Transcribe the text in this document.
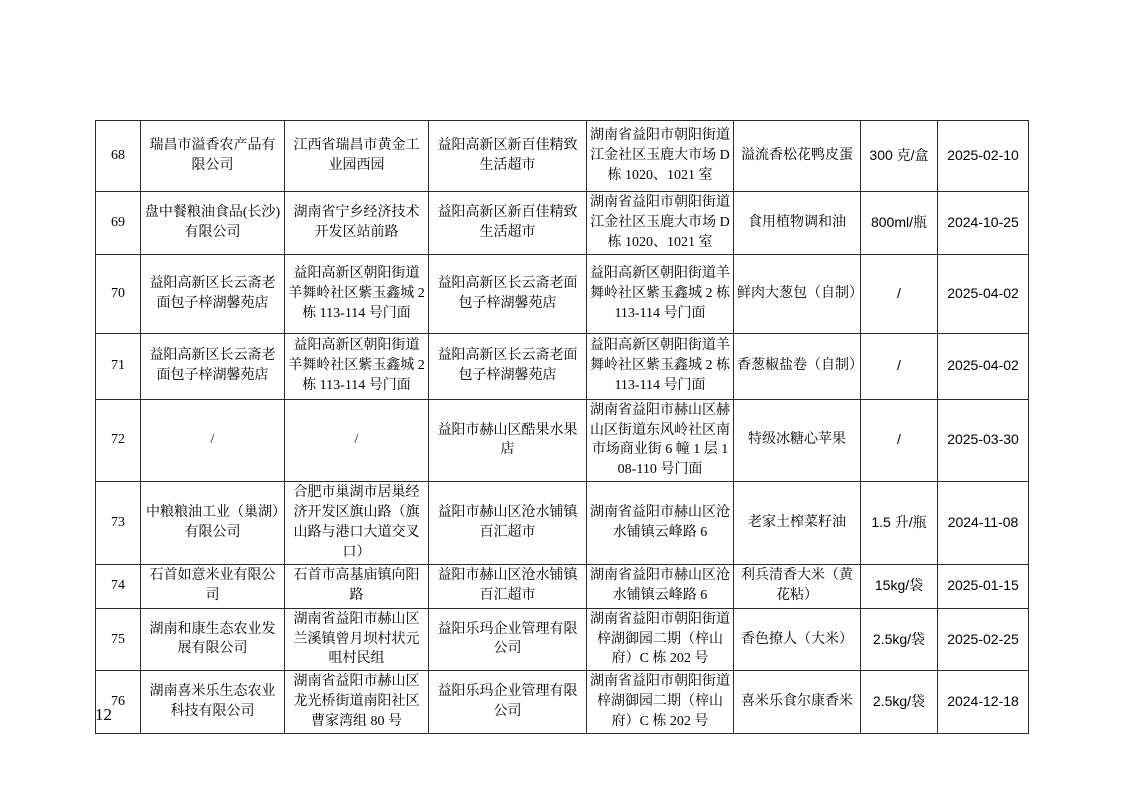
68	瑞昌市溢香农产品有限公司	江西省瑞昌市黄金工业园西园	益阳高新区新百佳精致生活超市	湖南省益阳市朝阳街道江金社区玉鹿大市场 D 栋 1020、1021 室	溢流香松花鸭皮蛋	300 克/盒	2025-02-10
69	盘中餐粮油食品(长沙)有限公司	湖南省宁乡经济技术开发区站前路	益阳高新区新百佳精致生活超市	湖南省益阳市朝阳街道江金社区玉鹿大市场 D 栋 1020、1021 室	食用植物调和油	800ml/瓶	2024-10-25
70	益阳高新区长云斋老面包子梓湖馨苑店	益阳高新区朝阳街道羊舞岭社区紫玉鑫城 2 栋 113-114 号门面	益阳高新区长云斋老面包子梓湖馨苑店	益阳高新区朝阳街道羊舞岭社区紫玉鑫城 2 栋 113-114 号门面	鲜肉大葱包（自制）	/	2025-04-02
71	益阳高新区长云斋老面包子梓湖馨苑店	益阳高新区朝阳街道羊舞岭社区紫玉鑫城 2 栋 113-114 号门面	益阳高新区长云斋老面包子梓湖馨苑店	益阳高新区朝阳街道羊舞岭社区紫玉鑫城 2 栋 113-114 号门面	香葱椒盐卷（自制）	/	2025-04-02
72	/	/	益阳市赫山区酷果水果店	湖南省益阳市赫山区赫山区街道东风岭社区南市场商业街 6 幢 1 层 108-110 号门面	特级冰糖心苹果	/	2025-03-30
73	中粮粮油工业（巢湖）有限公司	合肥市巢湖市居巢经济开发区旗山路（旗山路与港口大道交叉口）	益阳市赫山区沧水铺镇百汇超市	湖南省益阳市赫山区沧水铺镇云峰路 6	老家土榨菜籽油	1.5 升/瓶	2024-11-08
74	石首如意米业有限公司	石首市高基庙镇向阳路	益阳市赫山区沧水铺镇百汇超市	湖南省益阳市赫山区沧水铺镇云峰路 6	利兵清香大米（黄花粘）	15kg/袋	2025-01-15
75	湖南和康生态农业发展有限公司	湖南省益阳市赫山区兰溪镇曾月坝村状元咀村民组	益阳乐玛企业管理有限公司	湖南省益阳市朝阳街道梓湖御园二期（梓山府）C 栋 202 号	香色撩人（大米）	2.5kg/袋	2025-02-25
76	湖南喜米乐生态农业科技有限公司	湖南省益阳市赫山区龙光桥街道南阳社区曹家湾组 80 号	益阳乐玛企业管理有限公司	湖南省益阳市朝阳街道梓湖御园二期（梓山府）C 栋 202 号	喜米乐食尔康香米	2.5kg/袋	2024-12-18
12
